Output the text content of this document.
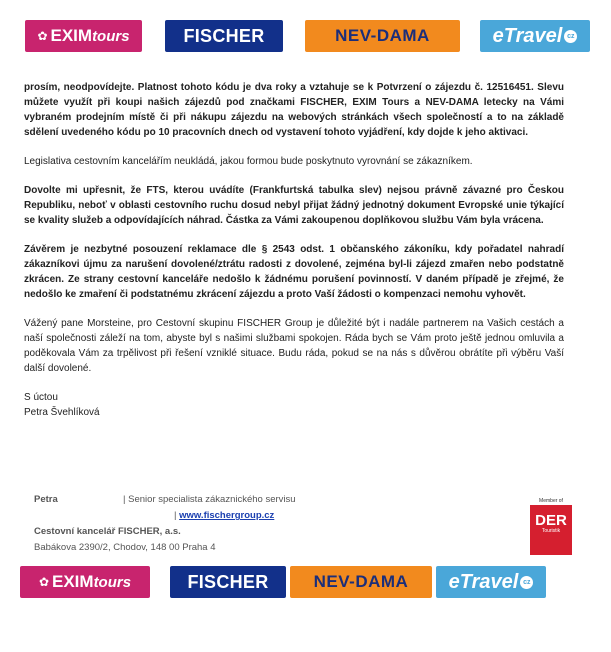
✿ EXIM tours	FISCHER	NEV-DAMA	eTravel cz

prosím, neodpovídejte. Platnost tohoto kódu je dva roky a vztahuje se k Potvrzení o zájezdu č. 12516451. Slevu můžete využít při koupi našich zájezdů pod značkami FISCHER, EXIM Tours a NEV-DAMA letecky na Vámi vybraném prodejním místě či při nákupu zájezdu na webových stránkách všech společností a to na základě sdělení uvedeného kódu po 10 pracovních dnech od vystavení tohoto vyjádření, kdy dojde k jeho aktivaci.

Legislativa cestovním kancelářím neukládá, jakou formou bude poskytnuto vyrovnání se zákazníkem.

Dovolte mi upřesnit, že FTS, kterou uvádíte (Frankfurtská tabulka slev) nejsou právně závazné pro Českou Republiku, neboť v oblasti cestovního ruchu dosud nebyl přijat žádný jednotný dokument Evropské unie týkající se kvality služeb a odpovídajících náhrad. Částka za Vámi zakoupenou doplňkovou službu Vám byla vrácena.

Závěrem je nezbytné posouzení reklamace dle § 2543 odst. 1 občanského zákoníku, kdy pořadatel nahradí zákazníkovi újmu za narušení dovolené/ztrátu radosti z dovolené, zejména byl-li zájezd zmařen nebo podstatně zkrácen. Ze strany cestovní kanceláře nedošlo k žádnému porušení povinností. V daném případě je zřejmé, že nedošlo ke zmaření či podstatnému zkrácení zájezdu a proto Vaší žádosti o kompenzaci nemohu vyhovět.

Vážený pane Morsteine, pro Cestovní skupinu FISCHER Group je důležité být i nadále partnerem na Vašich cestách a naší společnosti záleží na tom, abyste byl s našimi službami spokojen. Ráda bych se Vám proto ještě jednou omluvila a poděkovala Vám za trpělivost při řešení vzniklé situace. Budu ráda, pokud se na nás s důvěrou obrátíte při výběru Vaší další dovolené.

S úctou
Petra Švehlíková
Petra	| Senior specialista zákaznického servisu
| www.fischergroup.cz
Cestovní kancelář FISCHER, a.s.
Babákova 2390/2, Chodov, 148 00 Praha 4
Member of
DER
Touristik
✿ EXIM tours	FISCHER	NEV-DAMA eTravel cz
